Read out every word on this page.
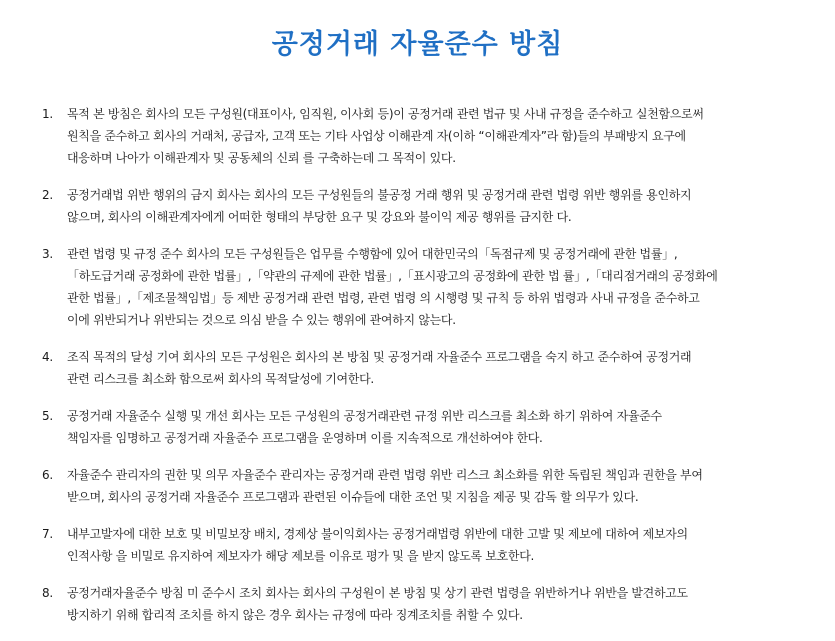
공정거래 자율준수 방침
1. 목적 본 방침은 회사의 모든 구성원(대표이사, 임직원, 이사회 등)이 공정거래 관련 법규 및 사내 규정을 준수하고 실천함으로써
원칙을 준수하고 회사의 거래처, 공급자, 고객 또는 기타 사업상 이해관계 자(이하 “이해관계자”라 함)들의 부패방지 요구에
대응하며 나아가 이해관계자 및 공동체의 신뢰 를 구축하는데 그 목적이 있다.
2. 공정거래법 위반 행위의 금지 회사는 회사의 모든 구성원들의 불공정 거래 행위 및 공정거래 관련 법령 위반 행위를 용인하지
않으며, 회사의 이해관계자에게 어떠한 형태의 부당한 요구 및 강요와 불이익 제공 행위를 금지한 다.
3. 관련 법령 및 규정 준수 회사의 모든 구성원들은 업무를 수행함에 있어 대한민국의「독점규제 및 공정거래에 관한 법률」,
「하도급거래 공정화에 관한 법률」,「약관의 규제에 관한 법률」,「표시광고의 공정화에 관한 법 률」,「대리점거래의 공정화에
관한 법률」,「제조물책임법」등 제반 공정거래 관련 법령, 관련 법령 의 시행령 및 규칙 등 하위 법령과 사내 규정을 준수하고
이에 위반되거나 위반되는 것으로 의심 받을 수 있는 행위에 관여하지 않는다.
4. 조직 목적의 달성 기여 회사의 모든 구성원은 회사의 본 방침 및 공정거래 자율준수 프로그램을 숙지 하고 준수하여 공정거래
관련 리스크를 최소화 함으로써 회사의 목적달성에 기여한다.
5. 공정거래 자율준수 실행 및 개선 회사는 모든 구성원의 공정거래관련 규정 위반 리스크를 최소화 하기 위하여 자율준수
책임자를 임명하고 공정거래 자율준수 프로그램을 운영하며 이를 지속적으로 개선하여야 한다.
6. 자율준수 관리자의 권한 및 의무 자율준수 관리자는 공정거래 관련 법령 위반 리스크 최소화를 위한 독립된 책임과 권한을 부여
받으며, 회사의 공정거래 자율준수 프로그램과 관련된 이슈들에 대한 조언 및 지침을 제공 및 감독 할 의무가 있다.
7. 내부고발자에 대한 보호 및 비밀보장 배치, 경제상 불이익회사는 공정거래법령 위반에 대한 고발 및 제보에 대하여 제보자의
인적사항 을 비밀로 유지하여 제보자가 해당 제보를 이유로 평가 및 을 받지 않도록 보호한다.
8. 공정거래자율준수 방침 미 준수시 조치 회사는 회사의 구성원이 본 방침 및 상기 관련 법령을 위반하거나 위반을 발견하고도
방지하기 위해 합리적 조치를 하지 않은 경우 회사는 규정에 따라 징계조치를 취할 수 있다.
